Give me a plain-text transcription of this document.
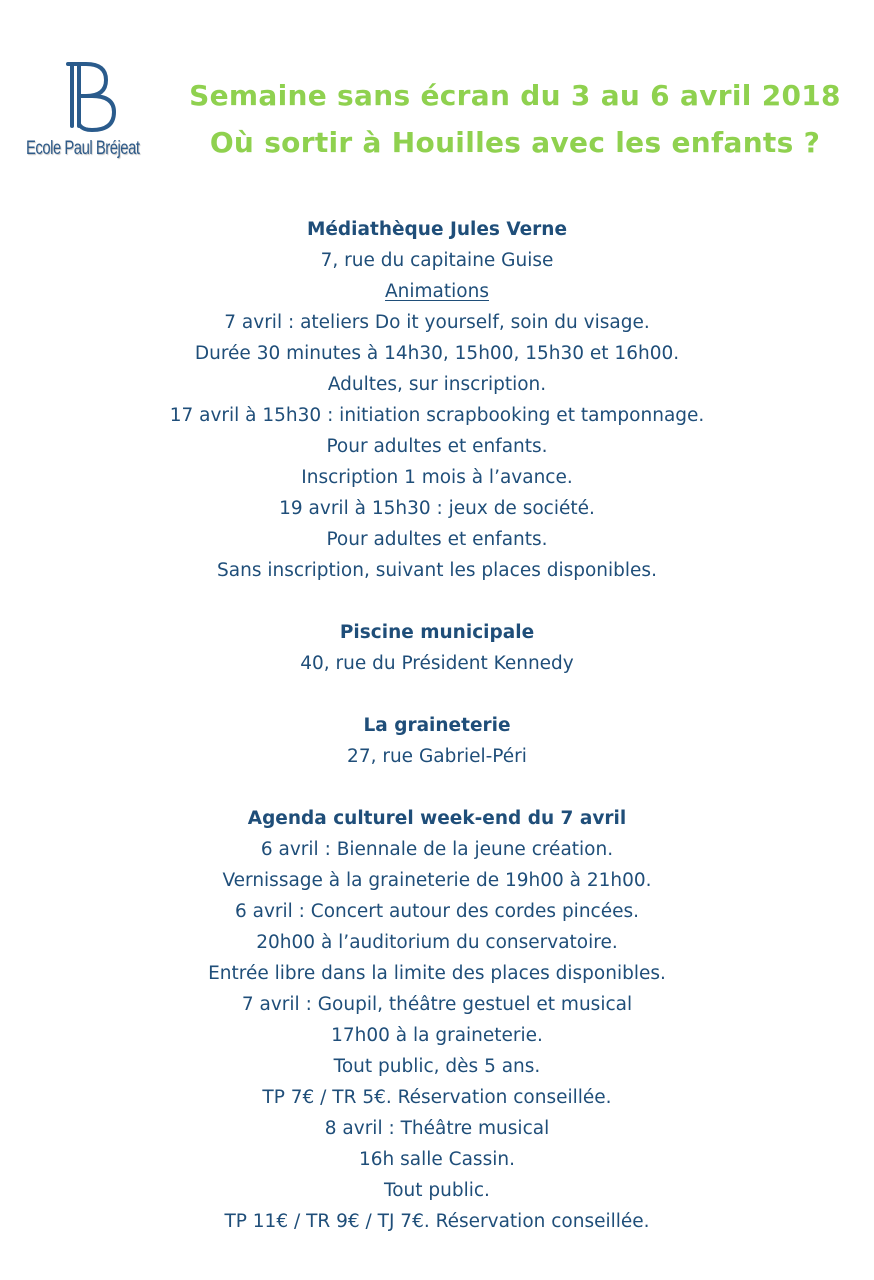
Ecole Paul Bréjeat
Semaine sans écran du 3 au 6 avril 2018
Où sortir à Houilles avec les enfants ?
Médiathèque Jules Verne
7, rue du capitaine Guise
Animations
7 avril : ateliers Do it yourself, soin du visage.
Durée 30 minutes à 14h30, 15h00, 15h30 et 16h00.
Adultes, sur inscription.
17 avril à 15h30 : initiation scrapbooking et tamponnage.
Pour adultes et enfants.
Inscription 1 mois à l’avance.
19 avril à 15h30 : jeux de société.
Pour adultes et enfants.
Sans inscription, suivant les places disponibles.
Piscine municipale
40, rue du Président Kennedy
La graineterie
27, rue Gabriel-Péri
Agenda culturel week-end du 7 avril
6 avril : Biennale de la jeune création.
Vernissage à la graineterie de 19h00 à 21h00.
6 avril : Concert autour des cordes pincées.
20h00 à l’auditorium du conservatoire.
Entrée libre dans la limite des places disponibles.
7 avril : Goupil, théâtre gestuel et musical
17h00 à la graineterie.
Tout public, dès 5 ans.
TP 7€ / TR 5€. Réservation conseillée.
8 avril : Théâtre musical
16h salle Cassin.
Tout public.
TP 11€ / TR 9€ / TJ 7€. Réservation conseillée.
